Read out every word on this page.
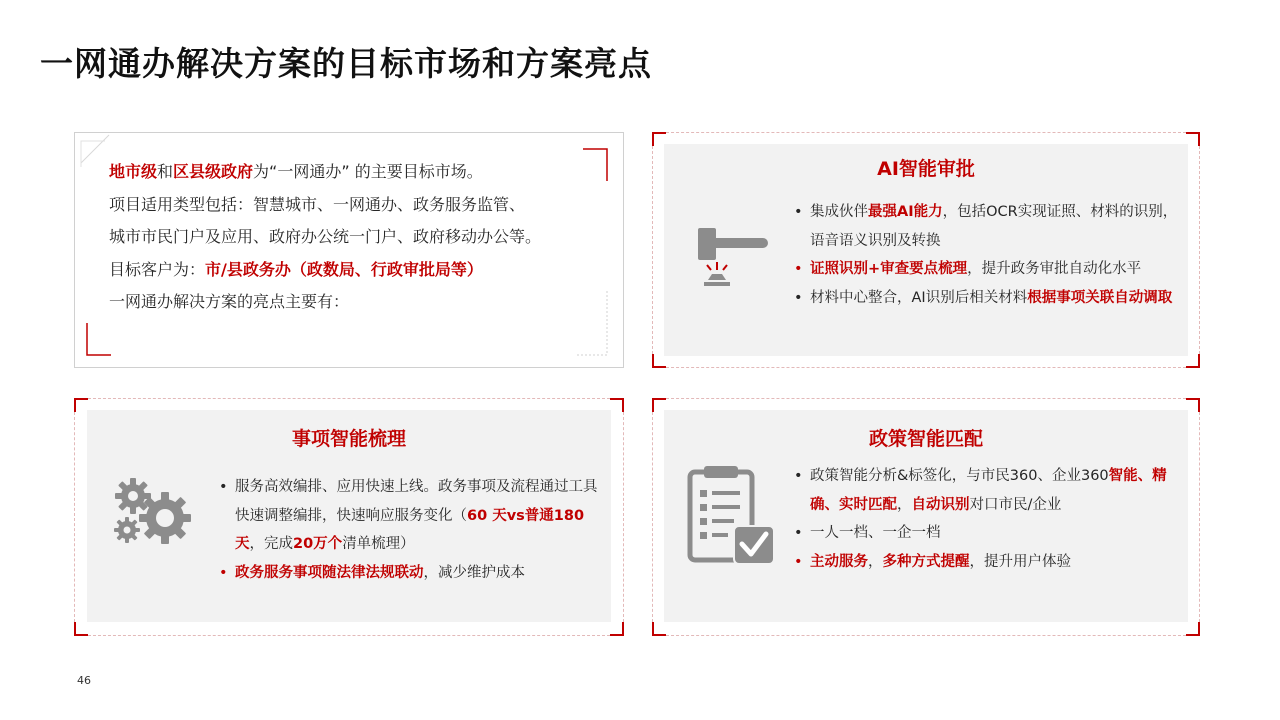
一网通办解决方案的目标市场和方案亮点
地市级和区县级政府为“一网通办” 的主要目标市场。
项目适用类型包括：智慧城市、一网通办、政务服务监管、
城市市民门户及应用、政府办公统一门户、政府移动办公等。
目标客户为：市/县政务办（政数局、行政审批局等）
一网通办解决方案的亮点主要有：
AI智能审批
• 集成伙伴最强AI能力，包括OCR实现证照、材料的识别，语音语义识别及转换
• 证照识别+审查要点梳理，提升政务审批自动化水平
• 材料中心整合，AI识别后相关材料根据事项关联自动调取
事项智能梳理
• 服务高效编排、应用快速上线。政务事项及流程通过工具快速调整编排，快速响应服务变化（60 天vs普通180天，完成20万个清单梳理）
• 政务服务事项随法律法规联动，减少维护成本
政策智能匹配
• 政策智能分析&标签化，与市民360、企业360智能、精确、实时匹配，自动识别对口市民/企业
• 一人一档、一企一档
• 主动服务，多种方式提醒，提升用户体验
46
